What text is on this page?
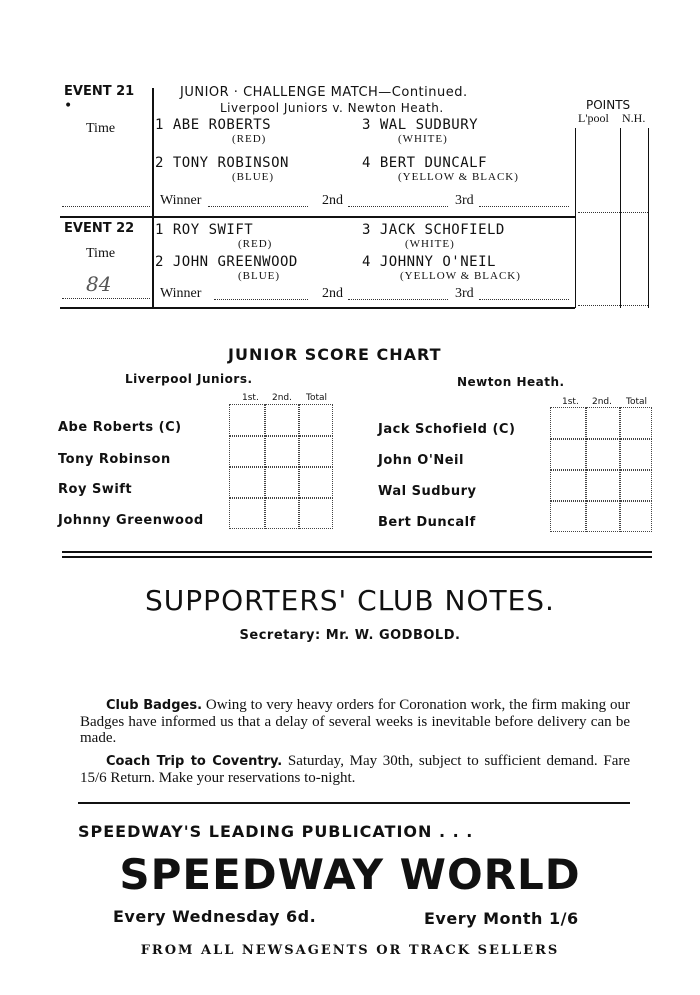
EVENT 21
•
Time
JUNIOR · CHALLENGE MATCH—Continued.
Liverpool Juniors v. Newton Heath.
1 ABE ROBERTS
(RED)
3 WAL SUDBURY
(WHITE)
2 TONY ROBINSON
(BLUE)
4 BERT DUNCALF
(YELLOW & BLACK)
Winner	2nd	3rd
EVENT 22
Time
84
1 ROY SWIFT
(RED)
3 JACK SCHOFIELD
(WHITE)
2 JOHN GREENWOOD
(BLUE)
4 JOHNNY O'NEIL
(YELLOW & BLACK)
Winner	2nd	3rd
POINTS
L'pool N.H.
JUNIOR SCORE CHART
Liverpool Juniors.	Newton Heath.
1st. 2nd. Total	1st. 2nd. Total
Abe Roberts (C)
Tony Robinson
Roy Swift
Johnny Greenwood
Jack Schofield (C)
John O'Neil
Wal Sudbury
Bert Duncalf
SUPPORTERS' CLUB NOTES.
Secretary: Mr. W. GODBOLD.
Club Badges. Owing to very heavy orders for Coronation work, the firm making our Badges have informed us that a delay of several weeks is inevitable before delivery can be made.
Coach Trip to Coventry. Saturday, May 30th, subject to sufficient demand. Fare 15/6 Return. Make your reservations to-night.
SPEEDWAY'S LEADING PUBLICATION . . .
SPEEDWAY WORLD
Every Wednesday 6d.	Every Month 1/6
FROM ALL NEWSAGENTS OR TRACK SELLERS
